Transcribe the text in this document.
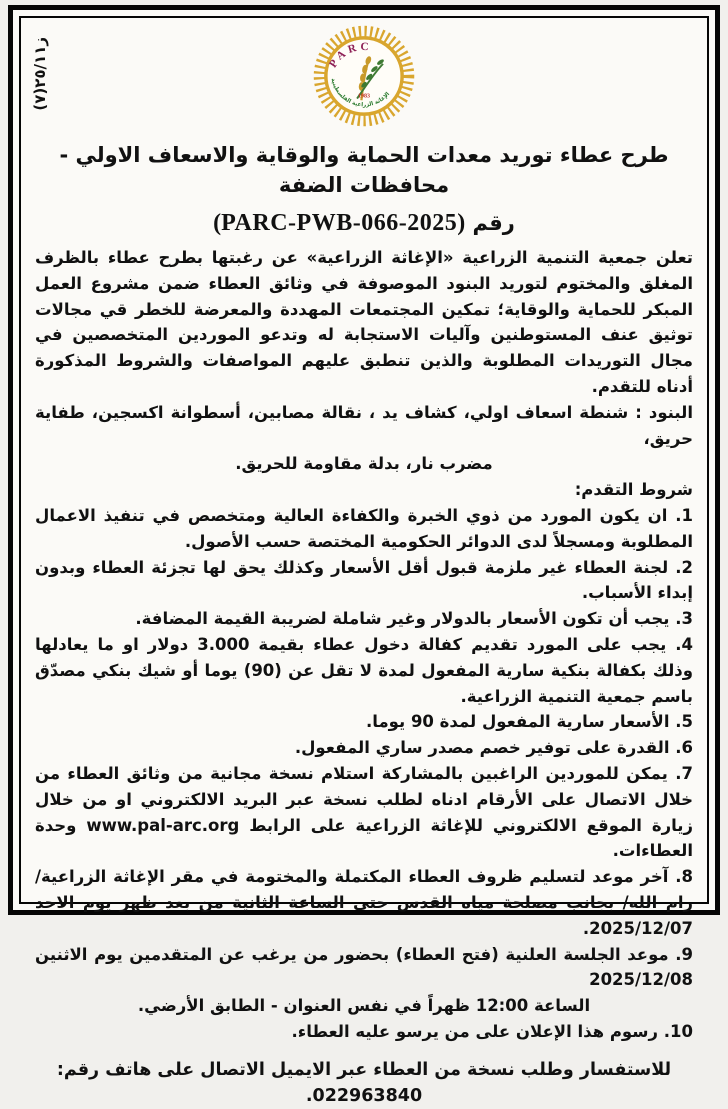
ز٢٥/١١(٧)
PARC
1983
الإغاثة الزراعية الفلسطينية
طرح عطاء توريد معدات الحماية والوقاية والاسعاف الاولي - محافظات الضفة
رقم (PARC-PWB-066-2025)

تعلن جمعية التنمية الزراعية «الإغاثة الزراعية» عن رغبتها بطرح عطاء بالظرف المغلق والمختوم لتوريد البنود الموصوفة في وثائق العطاء ضمن مشروع العمل المبكر للحماية والوقاية؛ تمكين المجتمعات المهددة والمعرضة للخطر قي مجالات توثيق عنف المستوطنين وآليات الاستجابة له وتدعو الموردين المتخصصين في مجال التوريدات المطلوبة والذين تنطبق عليهم المواصفات والشروط المذكورة أدناه للتقدم.

البنود : شنطة اسعاف اولي، كشاف يد ، نقالة مصابين، أسطوانة اكسجين، طفاية حريق،

مضرب نار، بدلة مقاومة للحريق.

شروط التقدم:

1. ان يكون المورد من ذوي الخبرة والكفاءة العالية ومتخصص في تنفيذ الاعمال المطلوبة ومسجلاً لدى الدوائر الحكومية المختصة حسب الأصول.

2. لجنة العطاء غير ملزمة قبول أقل الأسعار وكذلك يحق لها تجزئة العطاء وبدون إبداء الأسباب.

3. يجب أن تكون الأسعار بالدولار وغير شاملة لضريبة القيمة المضافة.

4. يجب على المورد تقديم كفالة دخول عطاء بقيمة 3.000 دولار او ما يعادلها وذلك بكفالة بنكية سارية المفعول لمدة لا تقل عن (90) يوما أو شيك بنكي مصدّق باسم جمعية التنمية الزراعية.

5. الأسعار سارية المفعول لمدة 90 يوما.

6. القدرة على توفير خصم مصدر ساري المفعول.

7. يمكن للموردين الراغبين بالمشاركة استلام نسخة مجانية من وثائق العطاء من خلال الاتصال على الأرقام ادناه لطلب نسخة عبر البريد الالكتروني او من خلال زيارة الموقع الالكتروني للإغاثة الزراعية على الرابط www.pal-arc.org وحدة العطاءات.

8. آخر موعد لتسليم ظروف العطاء المكتملة والمختومة في مقر الإغاثة الزراعية/ رام الله/ بجانب مصلحة مياه القدس حتى الساعة الثانية من بعد ظهر يوم الاحد 2025/12/07.

9. موعد الجلسة العلنية (فتح العطاء) بحضور من يرغب عن المتقدمين يوم الاثنين 2025/12/08

الساعة 12:00 ظهراً في نفس العنوان - الطابق الأرضي.

10. رسوم هذا الإعلان على من يرسو عليه العطاء.

للاستفسار وطلب نسخة من العطاء عبر الايميل الاتصال على هاتف رقم: 022963840.
